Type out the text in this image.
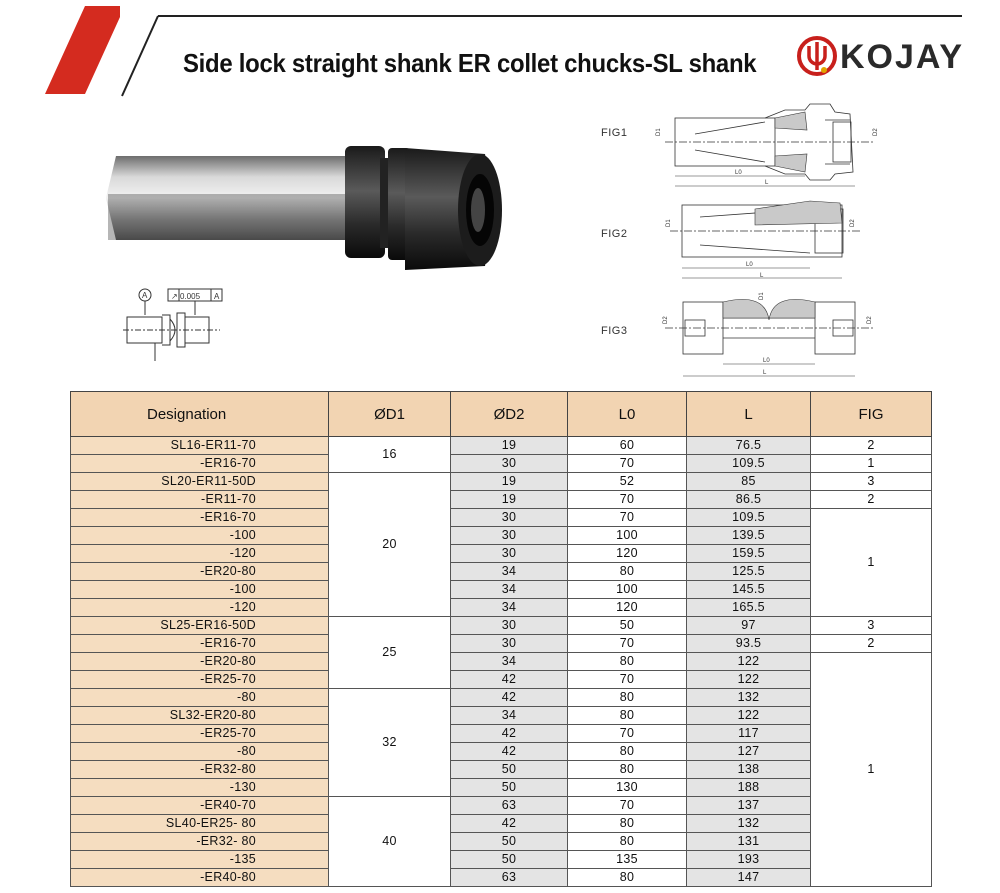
Side lock straight shank ER collet chucks-SL shank KOJAY
A	↗ 0.005 A
FIG1
FIG2
FIG3
D1	D2
L0
L
D1	D2
L0
L
D2	D2
D1
L0
L
Designation	ØD1	ØD2	L0	L	FIG
SL16-ER11-70	16	19	60	76.5	2
-ER16-70		30	70	109.5	1
SL20-ER11-50D	20	19	52	85	3
-ER11-70		19	70	86.5	2
-ER16-70		30	70	109.5	1
-100		30	100	139.5	
-120		30	120	159.5	
-ER20-80		34	80	125.5	
-100		34	100	145.5	
-120		34	120	165.5	
SL25-ER16-50D	25	30	50	97	3
-ER16-70		30	70	93.5	2
-ER20-80		34	80	122	1
-ER25-70		42	70	122	
-80	32	42	80	132	
SL32-ER20-80		34	80	122	
-ER25-70		42	70	117	
-80		42	80	127	
-ER32-80		50	80	138	
-130		50	130	188	
-ER40-70	40	63	70	137	
SL40-ER25- 80		42	80	132	
-ER32- 80		50	80	131	
-135		50	135	193	
-ER40-80		63	80	147	
